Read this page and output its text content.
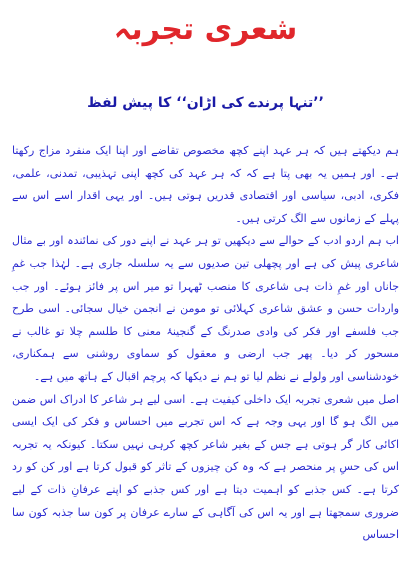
شعری تجربہ
’’تنہا پرندے کی اڑان‘‘ کا پیش لفظ

ہم دیکھتے ہیں کہ ہر عہد اپنے کچھ مخصوص تقاضے اور اپنا ایک منفرد مزاج رکھتا ہے۔ اور ہمیں یہ بھی پتا ہے کہ کہ ہر عہد کی کچھ اپنی تہذیبی، تمدنی، علمی، فکری، ادبی، سیاسی اور اقتصادی قدریں ہوتی ہیں۔ اور یہی اقدار اسے اس سے پہلے کے زمانوں سے الگ کرتی ہیں۔

اب ہم اردو ادب کے حوالے سے دیکھیں تو ہر عہد نے اپنے دور کی نمائندہ اور بے مثال شاعری پیش کی ہے اور پچھلی تین صدیوں سے یہ سلسلہ جاری ہے۔ لہٰذا جب غمِ جاناں اور غمِ ذات ہی شاعری کا منصب ٹھہرا تو میر اس پر فائز ہوئے۔ اور جب واردات حسن و عشق شاعری کہلائی تو مومن نے انجمن خیال سجائی۔ اسی طرح جب فلسفے اور فکر کی وادی صدرنگ کے گنجینۂ معنی کا طلسم چلا تو غالب نے مسحور کر دیا۔ پھر جب ارضی و معقول کو سماوی روشنی سے ہمکناری، خودشناسی اور ولولے نے نظم لیا تو ہم نے دیکھا کہ پرچم اقبال کے ہاتھ میں ہے۔

اصل میں شعری تجربہ ایک داخلی کیفیت ہے۔ اسی لیے ہر شاعر کا ادراک اس ضمن میں الگ ہو گا اور یہی وجہ ہے کہ اس تجربے میں احساس و فکر کی ایک ایسی اکائی کار گر ہوتی ہے جس کے بغیر شاعر کچھ کرہی نہیں سکتا۔ کیونکہ یہ تجربہ اس کی حسِ پر منحصر ہے کہ وہ کن چیزوں کے تاثر کو قبول کرتا ہے اور کن کو رد کرتا ہے۔ کس جذبے کو اہمیت دیتا ہے اور کس جذبے کو اپنے عرفانِ ذات کے لیے ضروری سمجھتا ہے اور یہ اس کی آگاہی کے سارے عرفان پر کون سا جذبہ کون سا احساس
